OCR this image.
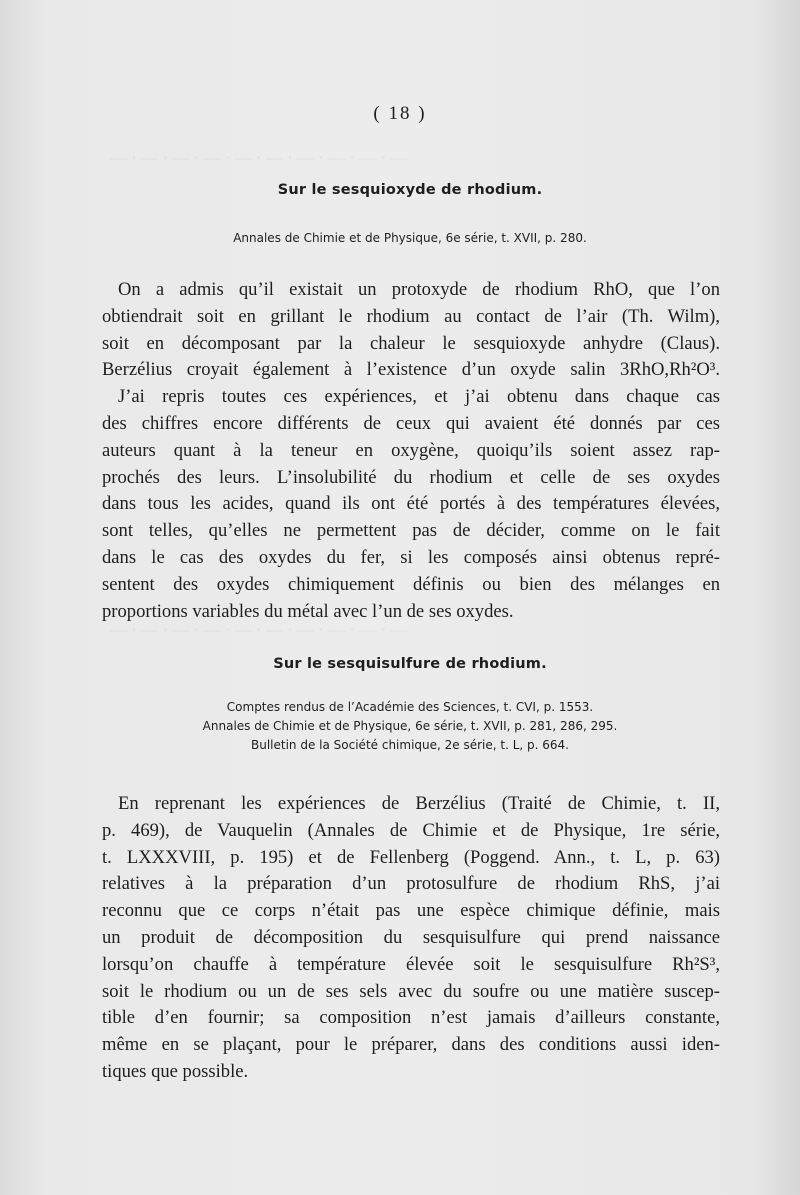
— · — · — · — · — · — · — · — · — · —
— · — · — · — · — · — · — · — · — · —
( 18 )
Sur le sesquioxyde de rhodium.
Annales de Chimie et de Physique, 6e série, t. XVII, p. 280.
On a admis qu’il existait un protoxyde de rhodium RhO, que l’on
obtiendrait soit en grillant le rhodium au contact de l’air (Th. Wilm),
soit en décomposant par la chaleur le sesquioxyde anhydre (Claus).
Berzélius croyait également à l’existence d’un oxyde salin 3RhO,Rh²O³.
J’ai repris toutes ces expériences, et j’ai obtenu dans chaque cas
des chiffres encore différents de ceux qui avaient été donnés par ces
auteurs quant à la teneur en oxygène, quoiqu’ils soient assez rap-
prochés des leurs. L’insolubilité du rhodium et celle de ses oxydes
dans tous les acides, quand ils ont été portés à des températures élevées,
sont telles, qu’elles ne permettent pas de décider, comme on le fait
dans le cas des oxydes du fer, si les composés ainsi obtenus repré-
sentent des oxydes chimiquement définis ou bien des mélanges en
proportions variables du métal avec l’un de ses oxydes.
Sur le sesquisulfure de rhodium.
Comptes rendus de l’Académie des Sciences, t. CVI, p. 1553.
Annales de Chimie et de Physique, 6e série, t. XVII, p. 281, 286, 295.
Bulletin de la Société chimique, 2e série, t. L, p. 664.
En reprenant les expériences de Berzélius (Traité de Chimie, t. II,
p. 469), de Vauquelin (Annales de Chimie et de Physique, 1re série,
t. LXXXVIII, p. 195) et de Fellenberg (Poggend. Ann., t. L, p. 63)
relatives à la préparation d’un protosulfure de rhodium RhS, j’ai
reconnu que ce corps n’était pas une espèce chimique définie, mais
un produit de décomposition du sesquisulfure qui prend naissance
lorsqu’on chauffe à température élevée soit le sesquisulfure Rh²S³,
soit le rhodium ou un de ses sels avec du soufre ou une matière suscep-
tible d’en fournir; sa composition n’est jamais d’ailleurs constante,
même en se plaçant, pour le préparer, dans des conditions aussi iden-
tiques que possible.
